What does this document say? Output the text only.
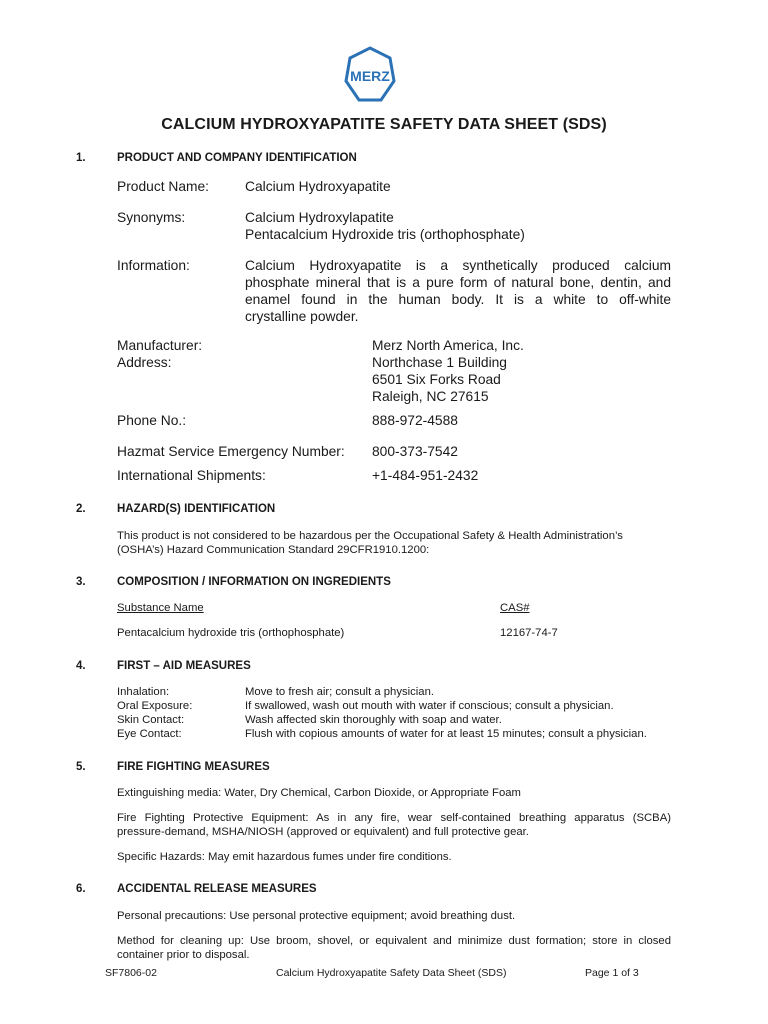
MERZ
CALCIUM HYDROXYAPATITE SAFETY DATA SHEET (SDS)
1.	PRODUCT AND COMPANY IDENTIFICATION
Product Name:	Calcium Hydroxyapatite
Synonyms:	Calcium Hydroxylapatite
Pentacalcium Hydroxide tris (orthophosphate)
Information:	Calcium Hydroxyapatite is a synthetically produced calcium
phosphate mineral that is a pure form of natural bone, dentin, and
enamel found in the human body. It is a white to off-white
crystalline powder.
Manufacturer:	Merz North America, Inc.
Address:	Northchase 1 Building
6501 Six Forks Road
Raleigh, NC 27615
Phone No.:	888-972-4588
Hazmat Service Emergency Number: 800-373-7542
International Shipments:	+1-484-951-2432
2.	HAZARD(S) IDENTIFICATION
This product is not considered to be hazardous per the Occupational Safety & Health Administration’s
(OSHA’s) Hazard Communication Standard 29CFR1910.1200:
3.	COMPOSITION / INFORMATION ON INGREDIENTS
Substance Name	CAS#
Pentacalcium hydroxide tris (orthophosphate)	12167-74-7
4.	FIRST – AID MEASURES
Inhalation:	Move to fresh air; consult a physician.
Oral Exposure:	If swallowed, wash out mouth with water if conscious; consult a physician.
Skin Contact:	Wash affected skin thoroughly with soap and water.
Eye Contact:	Flush with copious amounts of water for at least 15 minutes; consult a physician.
5.	FIRE FIGHTING MEASURES
Extinguishing media: Water, Dry Chemical, Carbon Dioxide, or Appropriate Foam
Fire Fighting Protective Equipment: As in any fire, wear self-contained breathing apparatus (SCBA)
pressure-demand, MSHA/NIOSH (approved or equivalent) and full protective gear.
Specific Hazards: May emit hazardous fumes under fire conditions.
6.	ACCIDENTAL RELEASE MEASURES
Personal precautions: Use personal protective equipment; avoid breathing dust.
Method for cleaning up: Use broom, shovel, or equivalent and minimize dust formation; store in closed
container prior to disposal.
SF7806-02	Calcium Hydroxyapatite Safety Data Sheet (SDS)	Page 1 of 3
